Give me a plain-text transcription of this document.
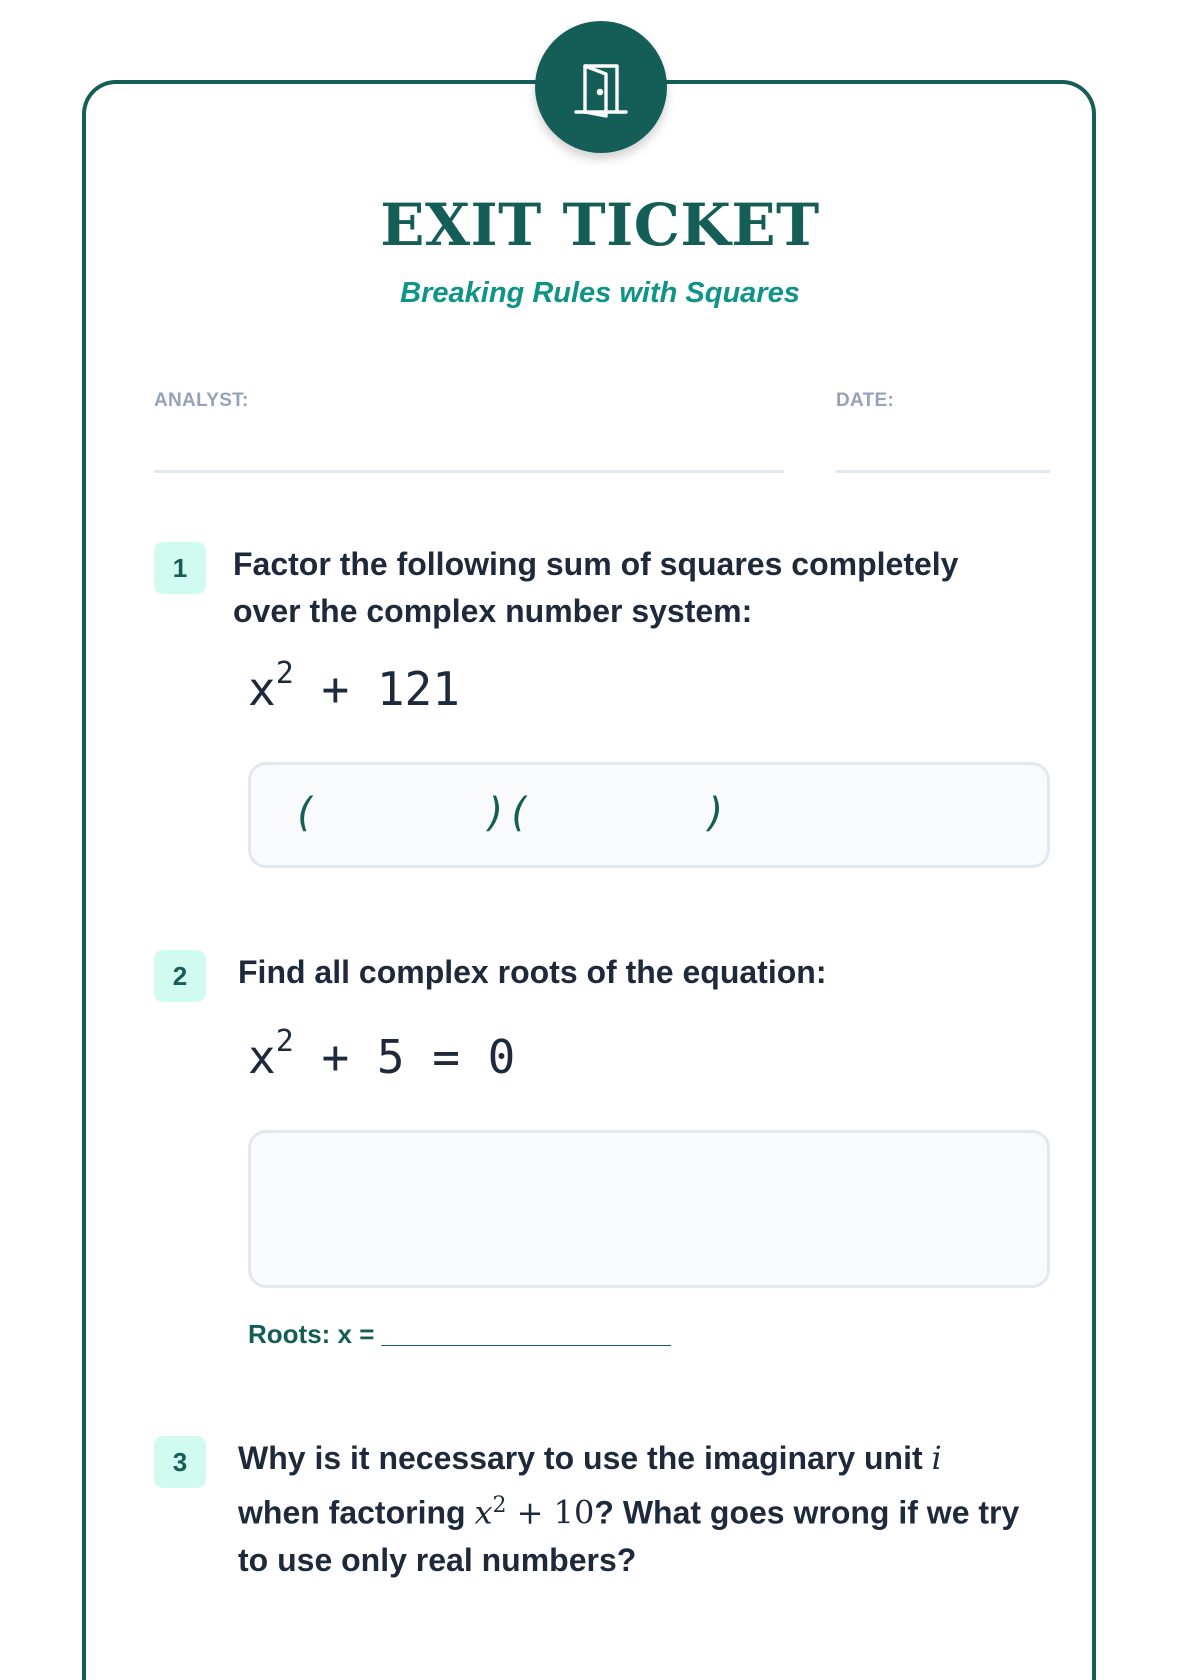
EXIT TICKET
Breaking Rules with Squares
ANALYST:	DATE:
1	Factor the following sum of squares completely over the complex number system:
$x^2 + 121$
(	)(	)
2	Find all complex roots of the equation:
$x^2 + 5 = 0$
Roots: x = ____________________
3	Why is it necessary to use the imaginary unit i
when factoring $x^2 + 10$? What goes wrong if we try to use only real numbers?
